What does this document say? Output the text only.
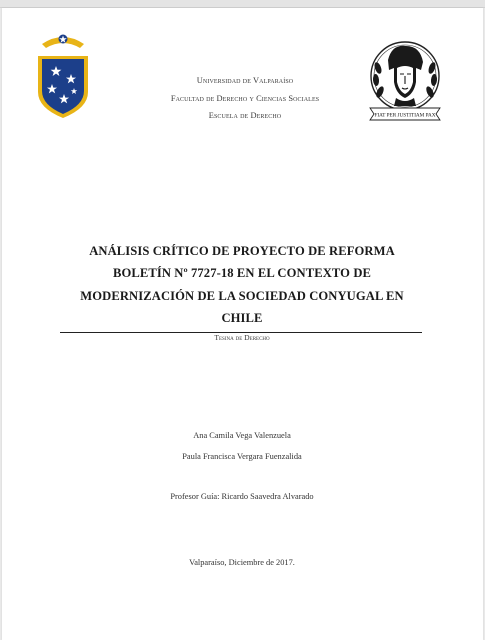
Universidad de Valparaíso
Facultad de Derecho y Ciencias Sociales
Escuela de Derecho	FIAT PER JUSTITIAM PAX
ANÁLISIS CRÍTICO DE PROYECTO DE REFORMA
BOLETÍN Nº 7727-18 EN EL CONTEXTO DE
MODERNIZACIÓN DE LA SOCIEDAD CONYUGAL EN
CHILE
Tesina de Derecho
Ana Camila Vega Valenzuela
Paula Francisca Vergara Fuenzalida
Profesor Guía: Ricardo Saavedra Alvarado
Valparaíso, Diciembre de 2017.
